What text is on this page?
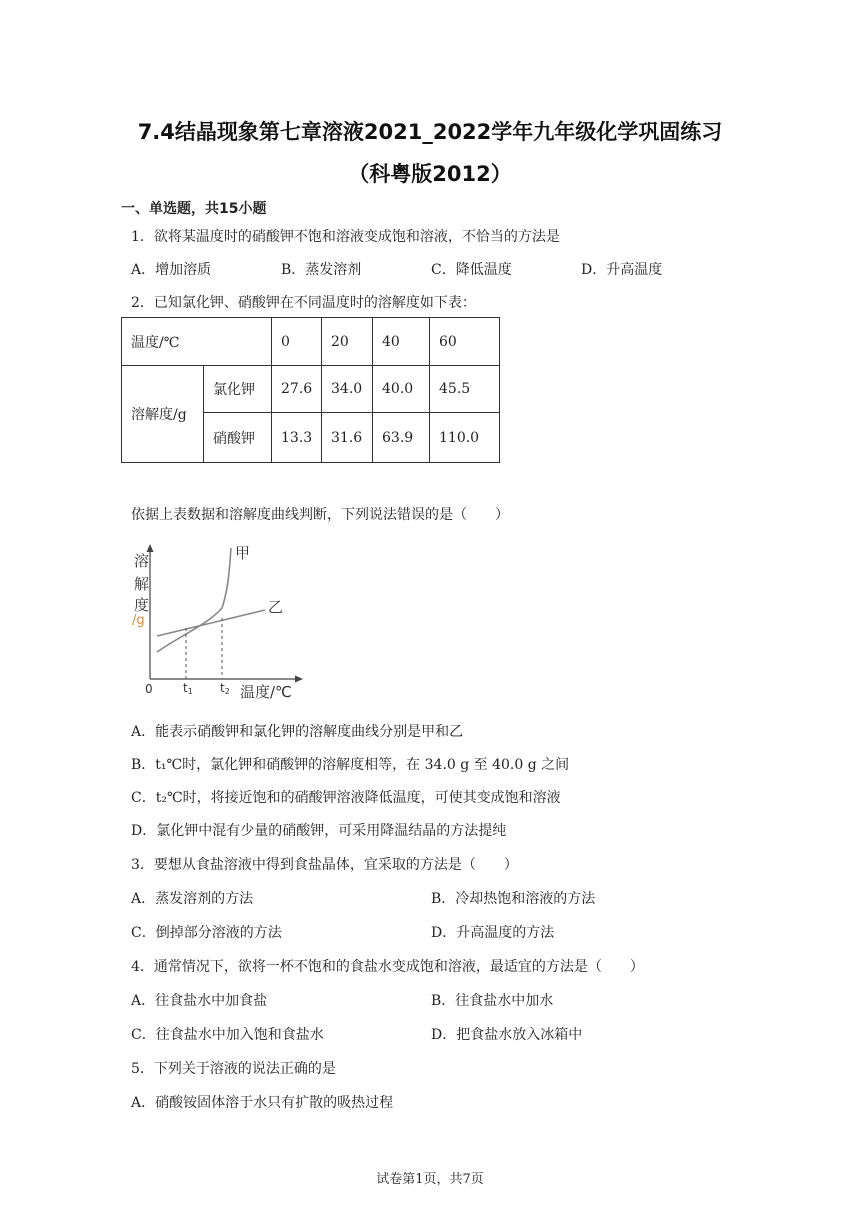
7.4结晶现象第七章溶液2021_2022学年九年级化学巩固练习
（科粤版2012）
一、单选题，共15小题
1．欲将某温度时的硝酸钾不饱和溶液变成饱和溶液，不恰当的方法是
A．增加溶质	B．蒸发溶剂	C．降低温度	D．升高温度
2．已知氯化钾、硝酸钾在不同温度时的溶解度如下表：
温度/℃		0	20	40	60
溶解度/g	氯化钾	27.6	34.0	40.0	45.5
	硝酸钾	13.3	31.6	63.9	110.0
依据上表数据和溶解度曲线判断，下列说法错误的是（　　）
溶
解
度
/g
甲
乙
0	t1 t2 温度/℃
A．能表示硝酸钾和氯化钾的溶解度曲线分别是甲和乙
B．t₁℃时，氯化钾和硝酸钾的溶解度相等，在 34.0 g 至 40.0 g 之间
C．t₂℃时，将接近饱和的硝酸钾溶液降低温度，可使其变成饱和溶液
D．氯化钾中混有少量的硝酸钾，可采用降温结晶的方法提纯
3．要想从食盐溶液中得到食盐晶体，宜采取的方法是（　　）
A．蒸发溶剂的方法	B．冷却热饱和溶液的方法
C．倒掉部分溶液的方法	D．升高温度的方法
4．通常情况下，欲将一杯不饱和的食盐水变成饱和溶液，最适宜的方法是（　　）
A．往食盐水中加食盐	B．往食盐水中加水
C．往食盐水中加入饱和食盐水	D．把食盐水放入冰箱中
5．下列关于溶液的说法正确的是
A．硝酸铵固体溶于水只有扩散的吸热过程
试卷第1页，共7页
